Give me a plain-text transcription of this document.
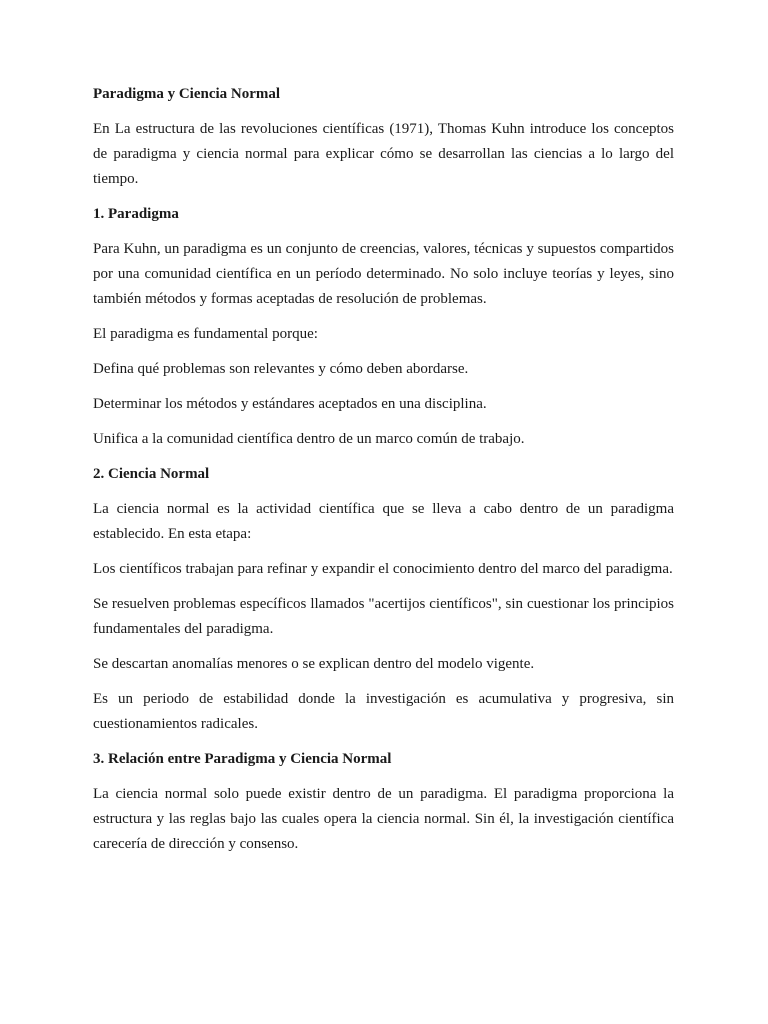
Paradigma y Ciencia Normal

En La estructura de las revoluciones científicas (1971), Thomas Kuhn introduce los conceptos de paradigma y ciencia normal para explicar cómo se desarrollan las ciencias a lo largo del tiempo.

1. Paradigma

Para Kuhn, un paradigma es un conjunto de creencias, valores, técnicas y supuestos compartidos por una comunidad científica en un período determinado. No solo incluye teorías y leyes, sino también métodos y formas aceptadas de resolución de problemas.

El paradigma es fundamental porque:

Defina qué problemas son relevantes y cómo deben abordarse.

Determinar los métodos y estándares aceptados en una disciplina.

Unifica a la comunidad científica dentro de un marco común de trabajo.

2. Ciencia Normal

La ciencia normal es la actividad científica que se lleva a cabo dentro de un paradigma establecido. En esta etapa:

Los científicos trabajan para refinar y expandir el conocimiento dentro del marco del paradigma.

Se resuelven problemas específicos llamados "acertijos científicos", sin cuestionar los principios fundamentales del paradigma.

Se descartan anomalías menores o se explican dentro del modelo vigente.

Es un periodo de estabilidad donde la investigación es acumulativa y progresiva, sin cuestionamientos radicales.

3. Relación entre Paradigma y Ciencia Normal

La ciencia normal solo puede existir dentro de un paradigma. El paradigma proporciona la estructura y las reglas bajo las cuales opera la ciencia normal. Sin él, la investigación científica carecería de dirección y consenso.
